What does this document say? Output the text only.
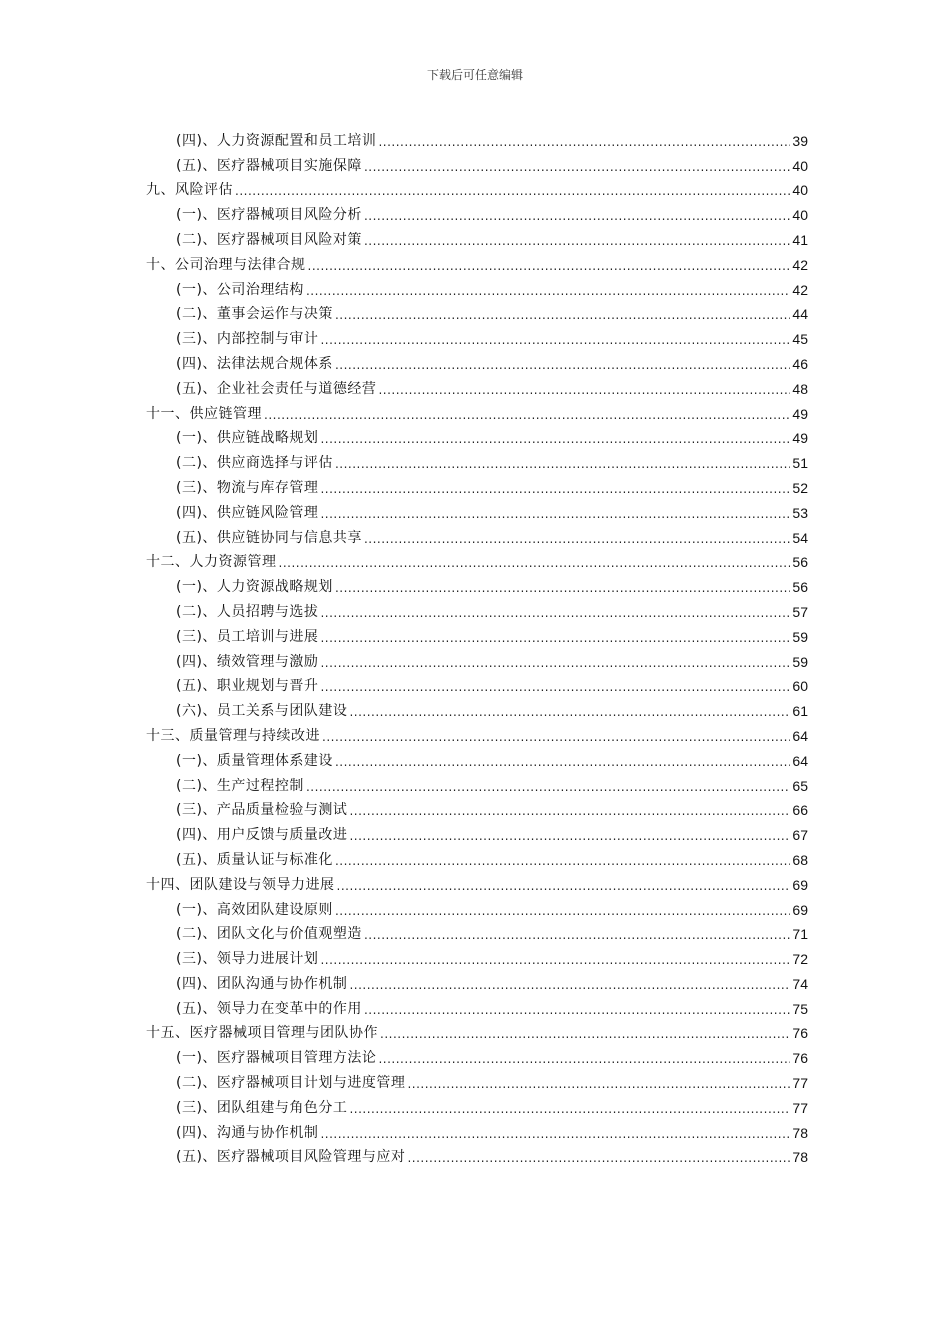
下载后可任意编辑
(四)、人力资源配置和员工培训 .....	39
(五)、医疗器械项目实施保障 .....	40
九、风险评估 .....	40
(一)、医疗器械项目风险分析 .....	40
(二)、医疗器械项目风险对策 .....	41
十、公司治理与法律合规 .....	42
(一)、公司治理结构 .....	42
(二)、董事会运作与决策 .....	44
(三)、内部控制与审计 .....	45
(四)、法律法规合规体系 .....	46
(五)、企业社会责任与道德经营 .....	48
十一、供应链管理 .....	49
(一)、供应链战略规划 .....	49
(二)、供应商选择与评估 .....	51
(三)、物流与库存管理 .....	52
(四)、供应链风险管理 .....	53
(五)、供应链协同与信息共享 .....	54
十二、人力资源管理 .....	56
(一)、人力资源战略规划 .....	56
(二)、人员招聘与选拔 .....	57
(三)、员工培训与进展 .....	59
(四)、绩效管理与激励 .....	59
(五)、职业规划与晋升 .....	60
(六)、员工关系与团队建设 .....	61
十三、质量管理与持续改进 .....	64
(一)、质量管理体系建设 .....	64
(二)、生产过程控制 .....	65
(三)、产品质量检验与测试 .....	66
(四)、用户反馈与质量改进 .....	67
(五)、质量认证与标准化 .....	68
十四、团队建设与领导力进展 .....	69
(一)、高效团队建设原则 .....	69
(二)、团队文化与价值观塑造 .....	71
(三)、领导力进展计划 .....	72
(四)、团队沟通与协作机制 .....	74
(五)、领导力在变革中的作用 .....	75
十五、医疗器械项目管理与团队协作 .....	76
(一)、医疗器械项目管理方法论 .....	76
(二)、医疗器械项目计划与进度管理 .....	77
(三)、团队组建与角色分工 .....	77
(四)、沟通与协作机制 .....	78
(五)、医疗器械项目风险管理与应对 .....	78
